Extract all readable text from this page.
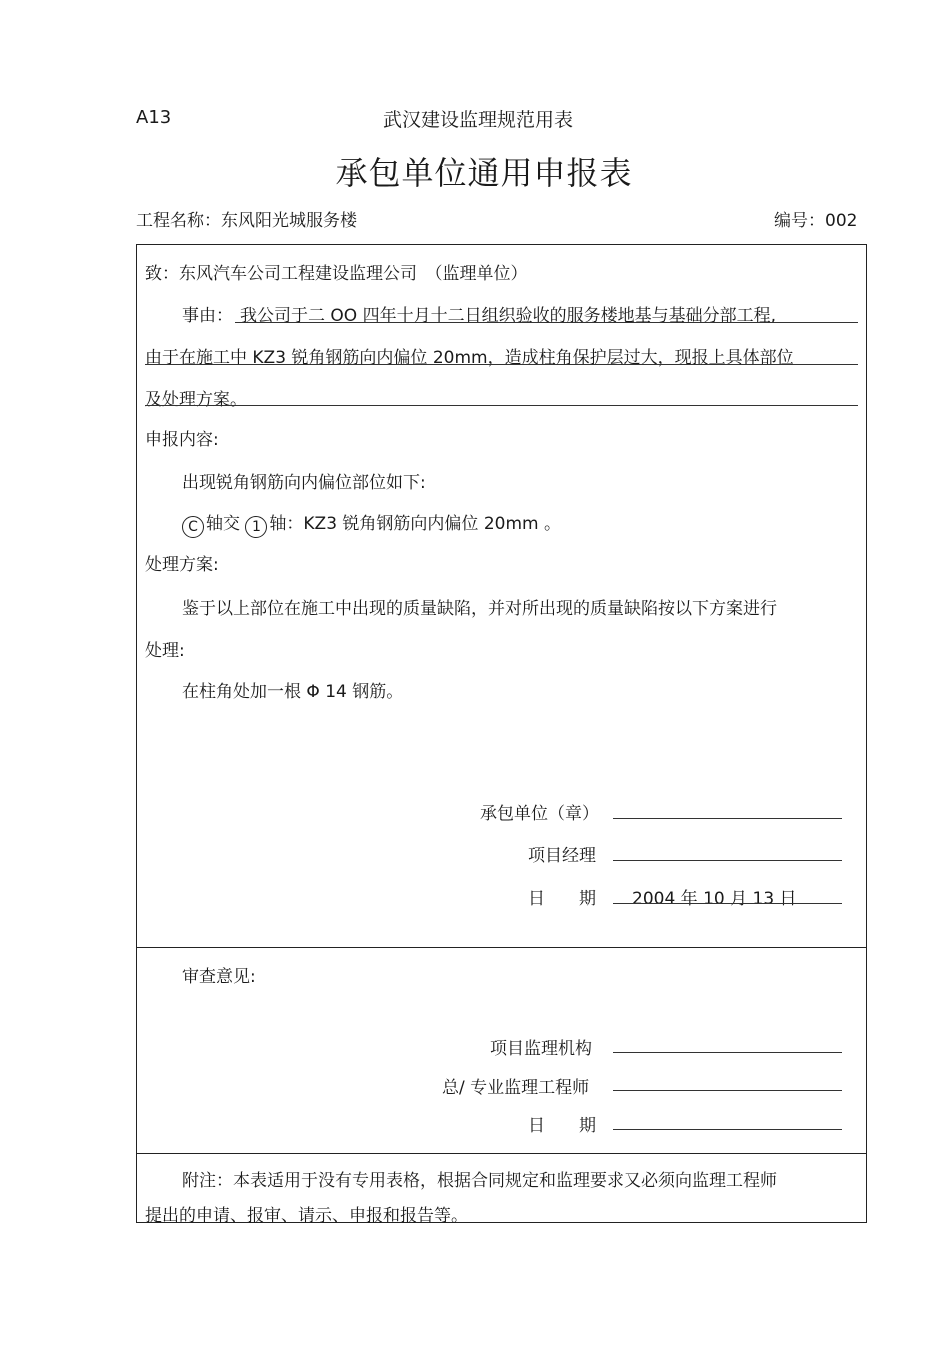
A13	武汉建设监理规范用表
承包单位通用申报表
工程名称：东风阳光城服务楼	编号：002
致：东风汽车公司工程建设监理公司　（监理单位）
事由： 我公司于二 OO 四年十月十二日组织验收的服务楼地基与基础分部工程,
由于在施工中 KZ3 锐角钢筋向内偏位 20mm，造成柱角保护层过大，现报上具体部位
及处理方案。
申报内容:
出现锐角钢筋向内偏位部位如下:
C 轴交 1 轴：KZ3 锐角钢筋向内偏位 20mm 。
处理方案:
鉴于以上部位在施工中出现的质量缺陷，并对所出现的质量缺陷按以下方案进行
处理:
在柱角处加一根 Φ 14 钢筋。
承包单位（章）
项目经理
日　　期 2004 年 10 月 13 日
审查意见:
项目监理机构
总/ 专业监理工程师
日　　期
附注：本表适用于没有专用表格，根据合同规定和监理要求又必须向监理工程师
提出的申请、报审、请示、申报和报告等。
